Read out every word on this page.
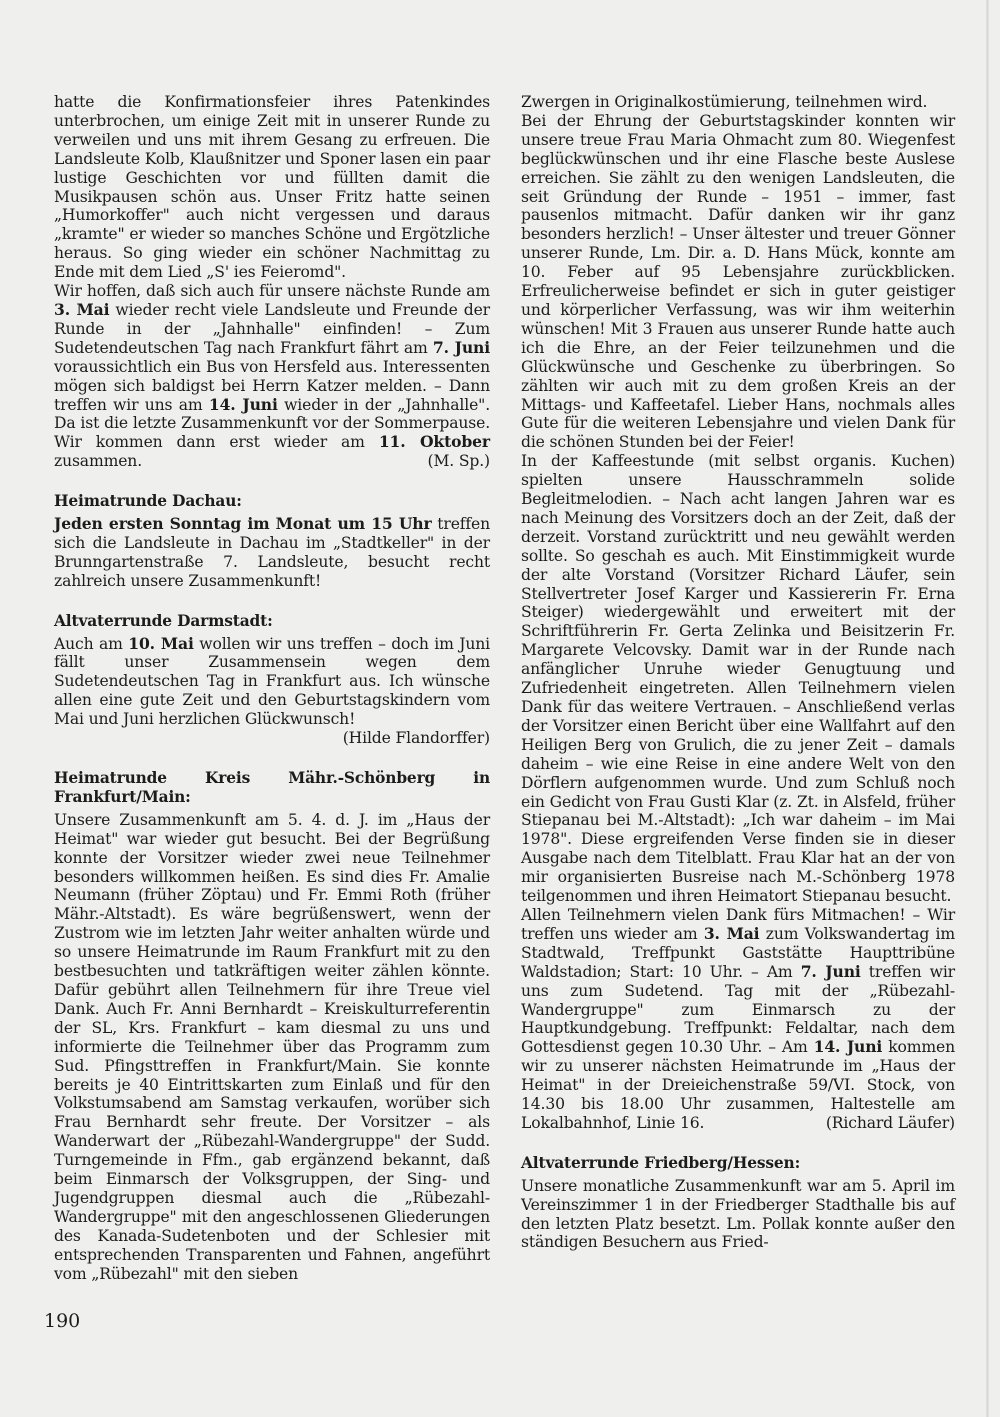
hatte die Konfirmationsfeier ihres Patenkindes unterbrochen, um einige Zeit mit in unserer Runde zu verweilen und uns mit ihrem Gesang zu erfreuen. Die Landsleute Kolb, Klaußnitzer und Sponer lasen ein paar lustige Geschichten vor und füllten damit die Musikpausen schön aus. Unser Fritz hatte seinen „Humorkoffer" auch nicht vergessen und daraus „kramte" er wieder so manches Schöne und Ergötzliche heraus. So ging wieder ein schöner Nachmittag zu Ende mit dem Lied „S' ies Feieromd".

Wir hoffen, daß sich auch für unsere nächste Runde am 3. Mai wieder recht viele Landsleute und Freunde der Runde in der „Jahnhalle" einfinden! – Zum Sudetendeutschen Tag nach Frankfurt fährt am 7. Juni voraussichtlich ein Bus von Hersfeld aus. Interessenten mögen sich baldigst bei Herrn Katzer melden. – Dann treffen wir uns am 14. Juni wieder in der „Jahnhalle". Da ist die letzte Zusammenkunft vor der Sommerpause. Wir kommen dann erst wieder am 11. Oktober zusammen.	(M. Sp.)

Heimatrunde Dachau:

Jeden ersten Sonntag im Monat um 15 Uhr treffen sich die Landsleute in Dachau im „Stadtkeller" in der Brunngartenstraße 7. Landsleute, besucht recht zahlreich unsere Zusammenkunft!

Altvaterrunde Darmstadt:

Auch am 10. Mai wollen wir uns treffen – doch im Juni fällt unser Zusammensein wegen dem Sudetendeutschen Tag in Frankfurt aus. Ich wünsche allen eine gute Zeit und den Geburtstagskindern vom Mai und Juni herzlichen Glückwunsch!

(Hilde Flandorffer)

Heimatrunde Kreis Mähr.-Schönberg in Frankfurt/Main:

Unsere Zusammenkunft am 5. 4. d. J. im „Haus der Heimat" war wieder gut besucht. Bei der Begrüßung konnte der Vorsitzer wieder zwei neue Teilnehmer besonders willkommen heißen. Es sind dies Fr. Amalie Neumann (früher Zöptau) und Fr. Emmi Roth (früher Mähr.-Altstadt). Es wäre begrüßenswert, wenn der Zustrom wie im letzten Jahr weiter anhalten würde und so unsere Heimatrunde im Raum Frankfurt mit zu den bestbesuchten und tatkräftigen weiter zählen könnte. Dafür gebührt allen Teilnehmern für ihre Treue viel Dank. Auch Fr. Anni Bernhardt – Kreiskulturreferentin der SL, Krs. Frankfurt – kam diesmal zu uns und informierte die Teilnehmer über das Programm zum Sud. Pfingsttreffen in Frankfurt/Main. Sie konnte bereits je 40 Eintrittskarten zum Einlaß und für den Volkstumsabend am Samstag verkaufen, worüber sich Frau Bernhardt sehr freute. Der Vorsitzer – als Wanderwart der „Rübezahl-Wandergruppe" der Sudd. Turngemeinde in Ffm., gab ergänzend bekannt, daß beim Einmarsch der Volksgruppen, der Sing- und Jugendgruppen diesmal auch die „Rübezahl-Wandergruppe" mit den angeschlossenen Gliederungen des Kanada-Sudetenboten und der Schlesier mit entsprechenden Transparenten und Fahnen, angeführt vom „Rübezahl" mit den sieben

Zwergen in Originalkostümierung, teilnehmen wird.

Bei der Ehrung der Geburtstagskinder konnten wir unsere treue Frau Maria Ohmacht zum 80. Wiegenfest beglückwünschen und ihr eine Flasche beste Auslese erreichen. Sie zählt zu den wenigen Landsleuten, die seit Gründung der Runde – 1951 – immer, fast pausenlos mitmacht. Dafür danken wir ihr ganz besonders herzlich! – Unser ältester und treuer Gönner unserer Runde, Lm. Dir. a. D. Hans Mück, konnte am 10. Feber auf 95 Lebensjahre zurückblicken. Erfreulicherweise befindet er sich in guter geistiger und körperlicher Verfassung, was wir ihm weiterhin wünschen! Mit 3 Frauen aus unserer Runde hatte auch ich die Ehre, an der Feier teilzunehmen und die Glückwünsche und Geschenke zu überbringen. So zählten wir auch mit zu dem großen Kreis an der Mittags- und Kaffeetafel. Lieber Hans, nochmals alles Gute für die weiteren Lebensjahre und vielen Dank für die schönen Stunden bei der Feier!

In der Kaffeestunde (mit selbst organis. Kuchen) spielten unsere Hausschrammeln solide Begleitmelodien. – Nach acht langen Jahren war es nach Meinung des Vorsitzers doch an der Zeit, daß der derzeit. Vorstand zurücktritt und neu gewählt werden sollte. So geschah es auch. Mit Einstimmigkeit wurde der alte Vorstand (Vorsitzer Richard Läufer, sein Stellvertreter Josef Karger und Kassiererin Fr. Erna Steiger) wiedergewählt und erweitert mit der Schriftführerin Fr. Gerta Zelinka und Beisitzerin Fr. Margarete Velcovsky. Damit war in der Runde nach anfänglicher Unruhe wieder Genugtuung und Zufriedenheit eingetreten. Allen Teilnehmern vielen Dank für das weitere Vertrauen. – Anschließend verlas der Vorsitzer einen Bericht über eine Wallfahrt auf den Heiligen Berg von Grulich, die zu jener Zeit – damals daheim – wie eine Reise in eine andere Welt von den Dörflern aufgenommen wurde. Und zum Schluß noch ein Gedicht von Frau Gusti Klar (z. Zt. in Alsfeld, früher Stiepanau bei M.-Altstadt): „Ich war daheim – im Mai 1978". Diese ergreifenden Verse finden sie in dieser Ausgabe nach dem Titelblatt. Frau Klar hat an der von mir organisierten Busreise nach M.-Schönberg 1978 teilgenommen und ihren Heimatort Stiepanau besucht.

Allen Teilnehmern vielen Dank fürs Mitmachen! – Wir treffen uns wieder am 3. Mai zum Volkswandertag im Stadtwald, Treffpunkt Gaststätte Haupttribüne Waldstadion; Start: 10 Uhr. – Am 7. Juni treffen wir uns zum Sudetend. Tag mit der „Rübezahl-Wandergruppe" zum Einmarsch zu der Hauptkundgebung. Treffpunkt: Feldaltar, nach dem Gottesdienst gegen 10.30 Uhr. – Am 14. Juni kommen wir zu unserer nächsten Heimatrunde im „Haus der Heimat" in der Dreieichenstraße 59/VI. Stock, von 14.30 bis 18.00 Uhr zusammen, Haltestelle am Lokalbahnhof, Linie 16.	(Richard Läufer)

Altvaterrunde Friedberg/Hessen:

Unsere monatliche Zusammenkunft war am 5. April im Vereinszimmer 1 in der Friedberger Stadthalle bis auf den letzten Platz besetzt. Lm. Pollak konnte außer den ständigen Besuchern aus Fried-

190
